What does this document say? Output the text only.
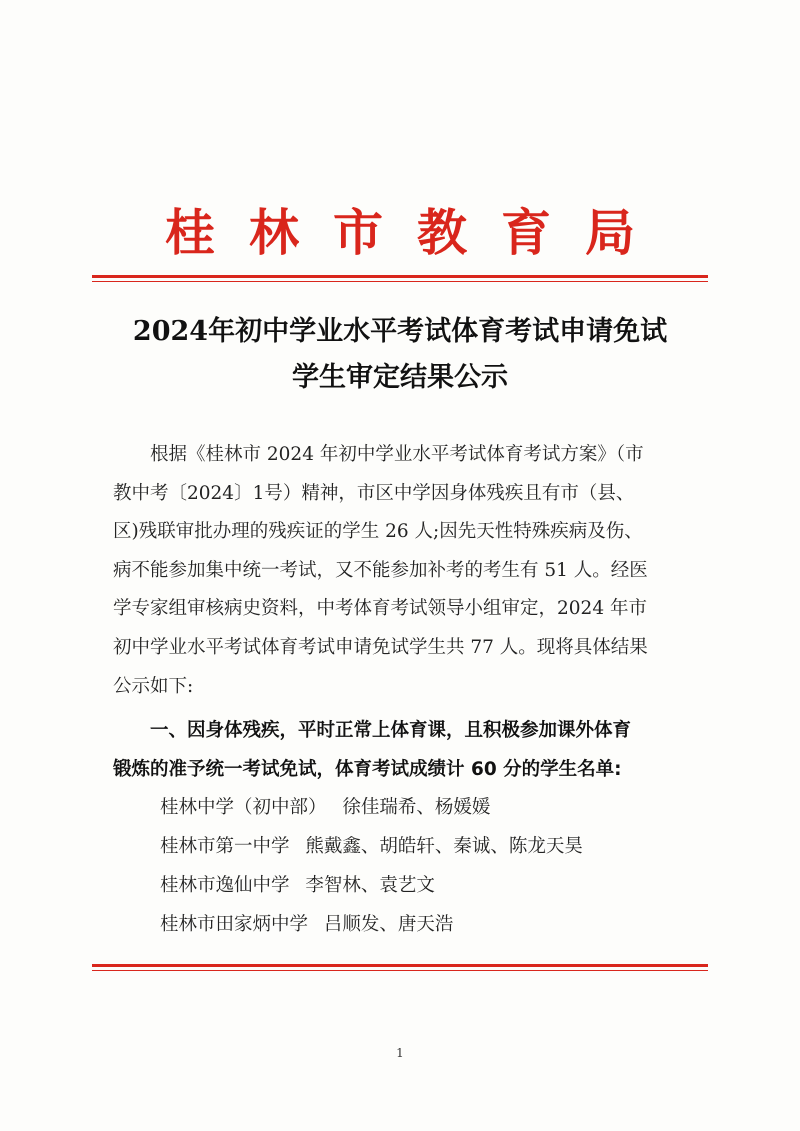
桂林市教育局
2024年初中学业水平考试体育考试申请免试
学生审定结果公示
根据《桂林市 2024 年初中学业水平考试体育考试方案》（市
教中考〔2024〕1号）精神，市区中学因身体残疾且有市（县、
区)残联审批办理的残疾证的学生 26 人;因先天性特殊疾病及伤、
病不能参加集中统一考试，又不能参加补考的考生有 51 人。经医
学专家组审核病史资料，中考体育考试领导小组审定，2024 年市
初中学业水平考试体育考试申请免试学生共 77 人。现将具体结果
公示如下:
一、因身体残疾，平时正常上体育课，且积极参加课外体育
锻炼的准予统一考试免试，体育考试成绩计 60 分的学生名单:
桂林中学（初中部） 徐佳瑞希、杨媛媛
桂林市第一中学 熊戴鑫、胡皓轩、秦诚、陈龙天昊
桂林市逸仙中学 李智林、袁艺文
桂林市田家炳中学 吕顺发、唐天浩
1
